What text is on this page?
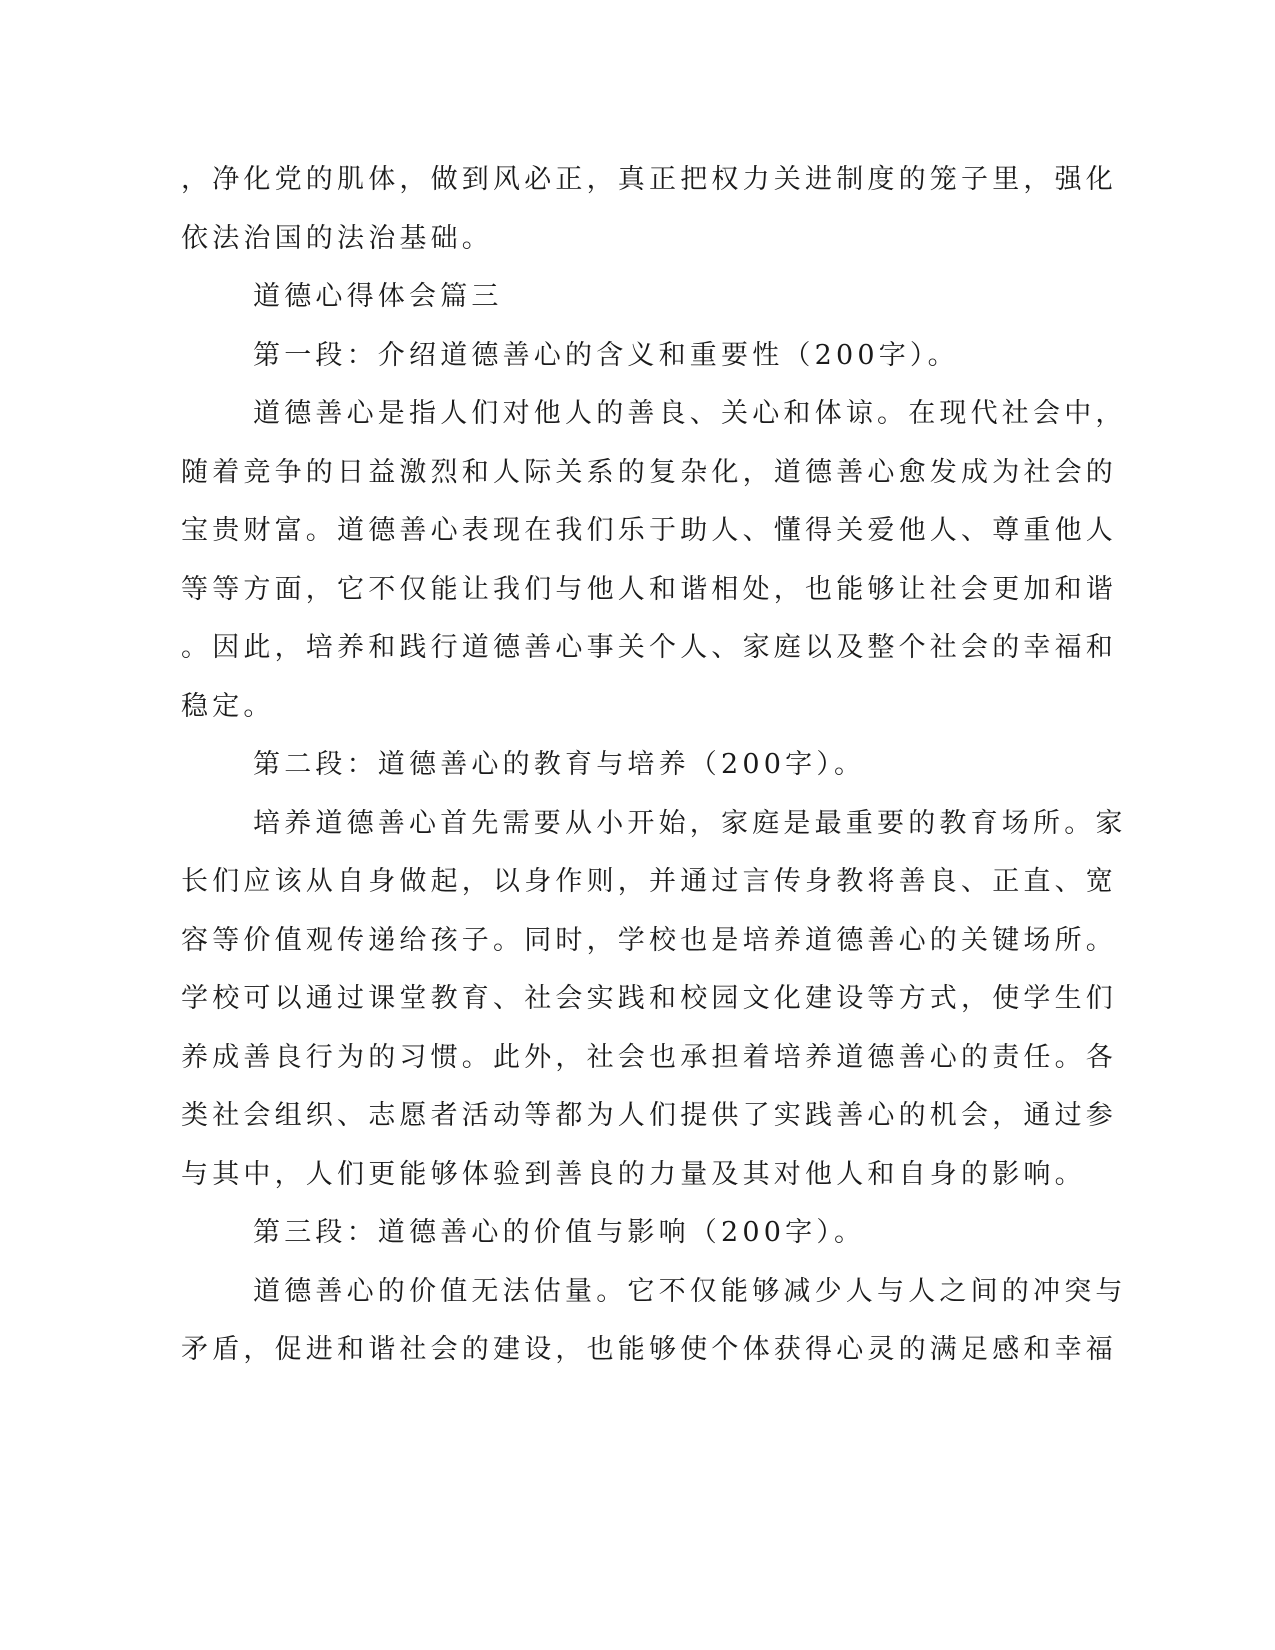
，净化党的肌体，做到风必正，真正把权力关进制度的笼子里，强化
依法治国的法治基础。
道德心得体会篇三
第一段：介绍道德善心的含义和重要性（200字）。
道德善心是指人们对他人的善良、关心和体谅。在现代社会中，
随着竞争的日益激烈和人际关系的复杂化，道德善心愈发成为社会的
宝贵财富。道德善心表现在我们乐于助人、懂得关爱他人、尊重他人
等等方面，它不仅能让我们与他人和谐相处，也能够让社会更加和谐
。因此，培养和践行道德善心事关个人、家庭以及整个社会的幸福和
稳定。
第二段：道德善心的教育与培养（200字）。
培养道德善心首先需要从小开始，家庭是最重要的教育场所。家
长们应该从自身做起，以身作则，并通过言传身教将善良、正直、宽
容等价值观传递给孩子。同时，学校也是培养道德善心的关键场所。
学校可以通过课堂教育、社会实践和校园文化建设等方式，使学生们
养成善良行为的习惯。此外，社会也承担着培养道德善心的责任。各
类社会组织、志愿者活动等都为人们提供了实践善心的机会，通过参
与其中，人们更能够体验到善良的力量及其对他人和自身的影响。
第三段：道德善心的价值与影响（200字）。
道德善心的价值无法估量。它不仅能够减少人与人之间的冲突与
矛盾，促进和谐社会的建设，也能够使个体获得心灵的满足感和幸福
